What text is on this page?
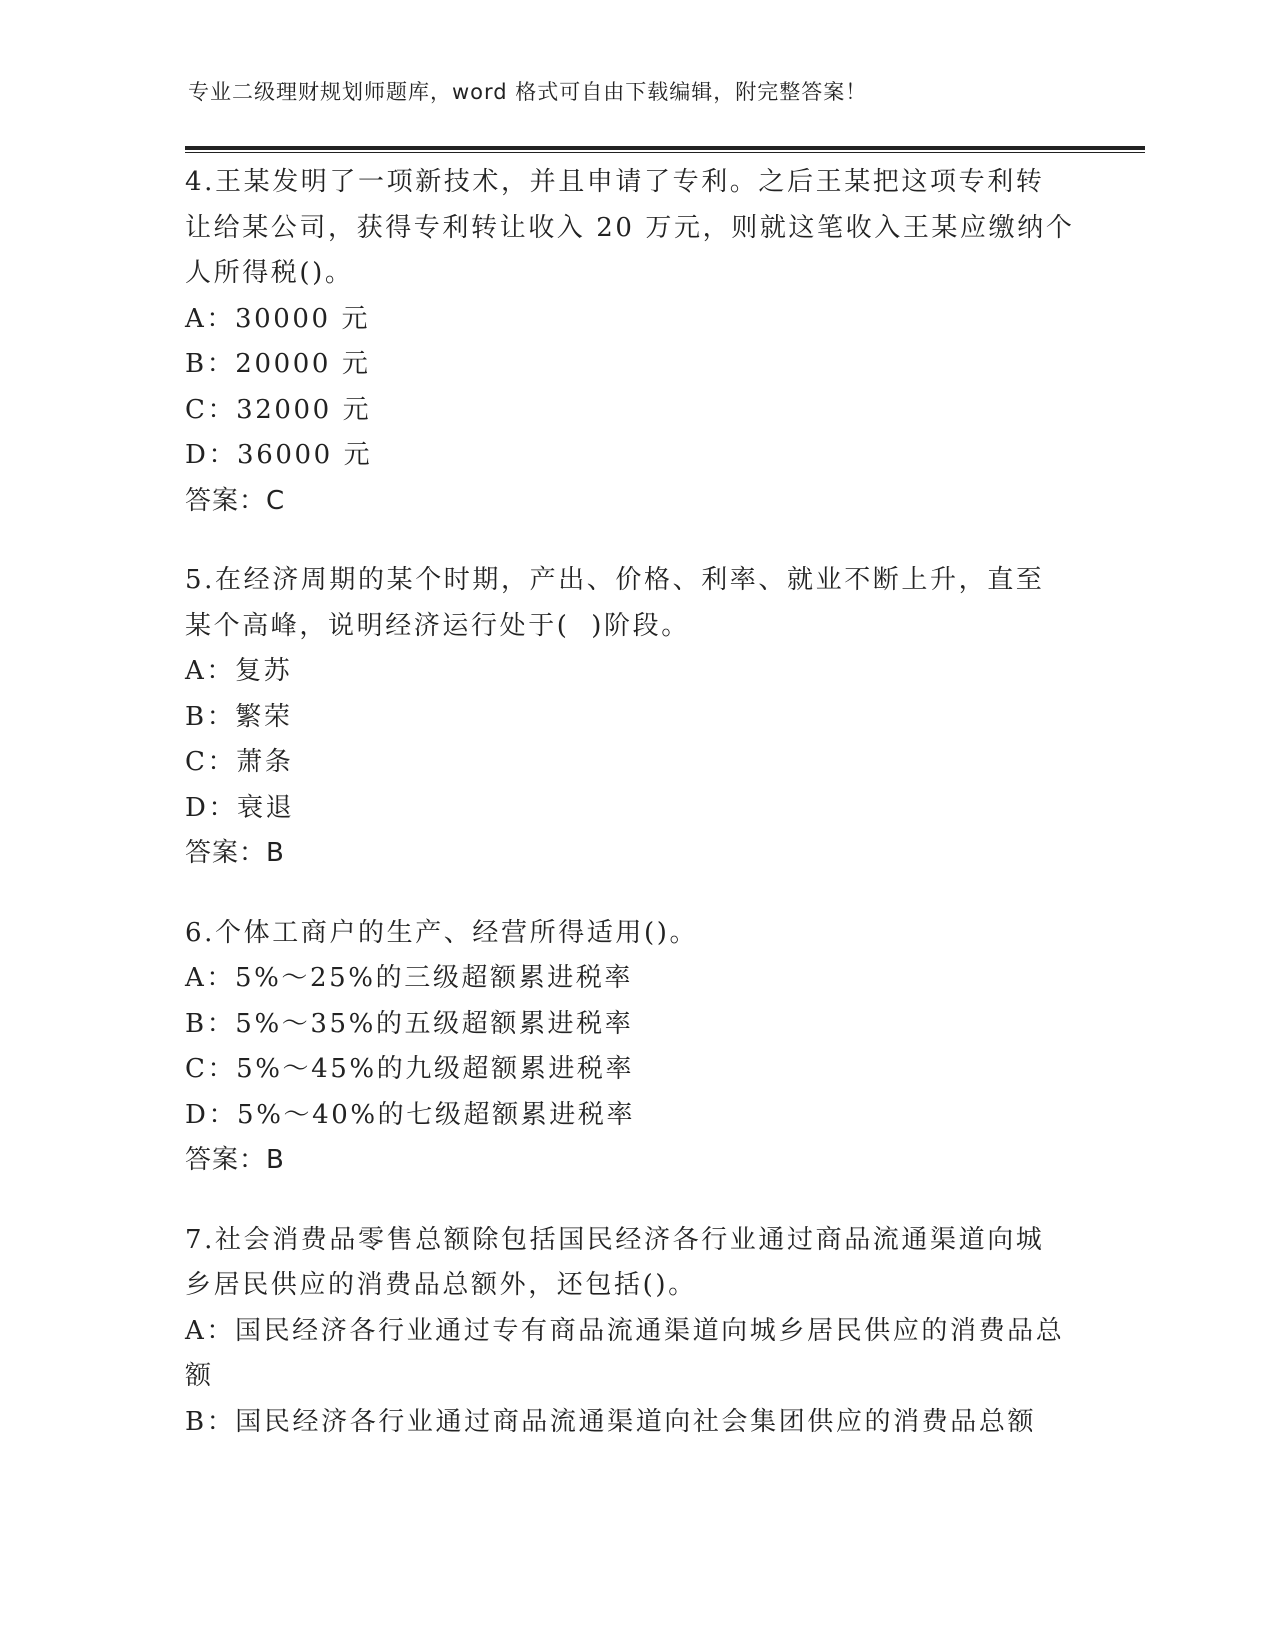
专业二级理财规划师题库，word 格式可自由下载编辑，附完整答案！
4.王某发明了一项新技术，并且申请了专利。之后王某把这项专利转
让给某公司，获得专利转让收入 20 万元，则就这笔收入王某应缴纳个
人所得税()。
A：30000 元
B：20000 元
C：32000 元
D：36000 元
答案：C
5.在经济周期的某个时期，产出、价格、利率、就业不断上升，直至
某个高峰，说明经济运行处于(  )阶段。
A：复苏
B：繁荣
C：萧条
D：衰退
答案：B
6.个体工商户的生产、经营所得适用()。
A：5%～25%的三级超额累进税率
B：5%～35%的五级超额累进税率
C：5%～45%的九级超额累进税率
D：5%～40%的七级超额累进税率
答案：B
7.社会消费品零售总额除包括国民经济各行业通过商品流通渠道向城
乡居民供应的消费品总额外，还包括()。
A：国民经济各行业通过专有商品流通渠道向城乡居民供应的消费品总
额
B：国民经济各行业通过商品流通渠道向社会集团供应的消费品总额
